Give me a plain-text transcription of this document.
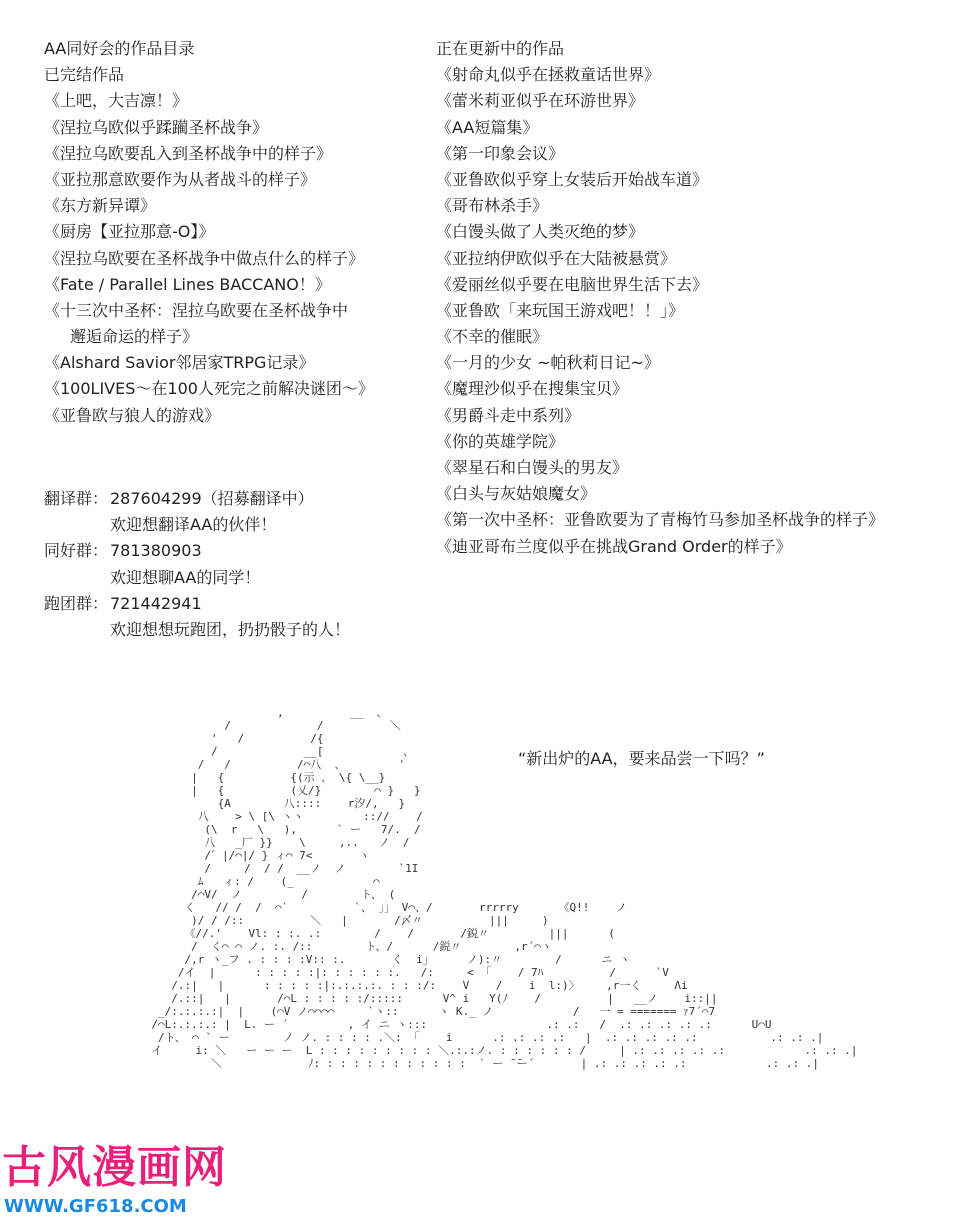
AA同好会的作品目录
已完结作品
《上吧，大吉凛！》
《涅拉乌欧似乎蹂躏圣杯战争》
《涅拉乌欧要乱入到圣杯战争中的样子》
《亚拉那意欧要作为从者战斗的样子》
《东方新异谭》
《厨房【亚拉那意-O】》
《涅拉乌欧要在圣杯战争中做点什么的样子》
《Fate / Parallel Lines BACCANO！》
《十三次中圣杯：涅拉乌欧要在圣杯战争中
邂逅命运的样子》
《Alshard Savior邻居家TRPG记录》
《100LIVES～在100人死完之前解决谜团～》
《亚鲁欧与狼人的游戏》
正在更新中的作品
《射命丸似乎在拯救童话世界》
《蕾米莉亚似乎在环游世界》
《AA短篇集》
《第一印象会议》
《亚鲁欧似乎穿上女装后开始战车道》
《哥布林杀手》
《白馒头做了人类灭绝的梦》
《亚拉纳伊欧似乎在大陆被悬赏》
《爱丽丝似乎要在电脑世界生活下去》
《亚鲁欧「来玩国王游戏吧！！」》
《不幸的催眠》
《一月的少女 ~帕秋莉日记~》
《魔理沙似乎在搜集宝贝》
《男爵斗走中系列》
《你的英雄学院》
《翠星石和白馒头的男友》
《白头与灰姑娘魔女》
《第一次中圣杯：亚鲁欧要为了青梅竹马参加圣杯战争的样子》
《迪亚哥布兰度似乎在挑战Grand Order的样子》
翻译群： 287604299（招募翻译中）
欢迎想翻译AA的伙伴！
同好群： 781380903
欢迎想聊AA的同学！
跑团群： 721442941
欢迎想想玩跑团，扔扔骰子的人！
“新出炉的AA，要来品尝一下吗？”
,          __  、
/             /          ＼
'   /          /{
/             __[            、
/   /          /⌒八  、        '
|   {          {(示 、 \{ \__}
|   {          (乂/}        ⌒ }   }
{A        八::::    r汐/,   }
八    > \ [\ ヽヽ         :://    /
(\  r   \   ),      ` ー   7/.  /
八   _厂 }}    \     ,..   ノ  /
/゛|/⌒|/ } ィ⌒ 7<       ヽ
/     /  / /  __ノ  ノ        `1I
ﾑ   ィ: /    (_            ⌒
/⌒V/  ノ         /        ト、 (
く   // /  /  ⌒`          `、 」」 V⌒、/       rrrrry      《Q!!    ノ
)/ / /::          ＼   |       /〆〃          |||     )
《//.'    Vl: : :. .:        /    /       /鋭〃         |||      (
/  く⌒ ⌒ ノ. :. /::        ト、/      /鋭〃        ,r´⌒ヽ
/,r ヽ_フ . : : : :V:: :.       く  i」     ノ):〃        /      ニ ヽ
/イ  |      : : : : :|: : : : : :.   /:     < 「    / 7ﾊ          /      `V
/.:|   |      : : : : :|:.:.:.:. : : :/:    V    /    i  l:)〉    ,r一く     Λi
/.::|   |       /⌒L : : : : :/:::::      V^ i   Y(ﾉ    /          |   __ノ    i::||
_/:.:.:.:|  |    (⌒V ノ⌒⌒⌒⌒     `ヽ::      ヽ K._ ノ            /   一 = ======= ｧ7´⌒7
/⌒L:.:.:.: |  L. ー ´         , イ ニ ヽ:::                  .: .:   /  .: .: .: .: .:      U⌒U
/ト、 ⌒ ` ー        ノ ノ. : : : : .＼: 「    i      .: .: .: .:   |  .: .: .: .: .:           .: .: .|
イ     i: ＼   ー ー ー  L : : : : : : : : : ＼.:.:ノ. : : : : : : /     | .: .: .: .: .:            .: .: .|
＼             ﾉ: : : : : : : : : : : :  ` ー ̄ ̄ー´       | .: .: .: .: .:            .: .: .|

古风漫画网
WWW.GF618.COM
